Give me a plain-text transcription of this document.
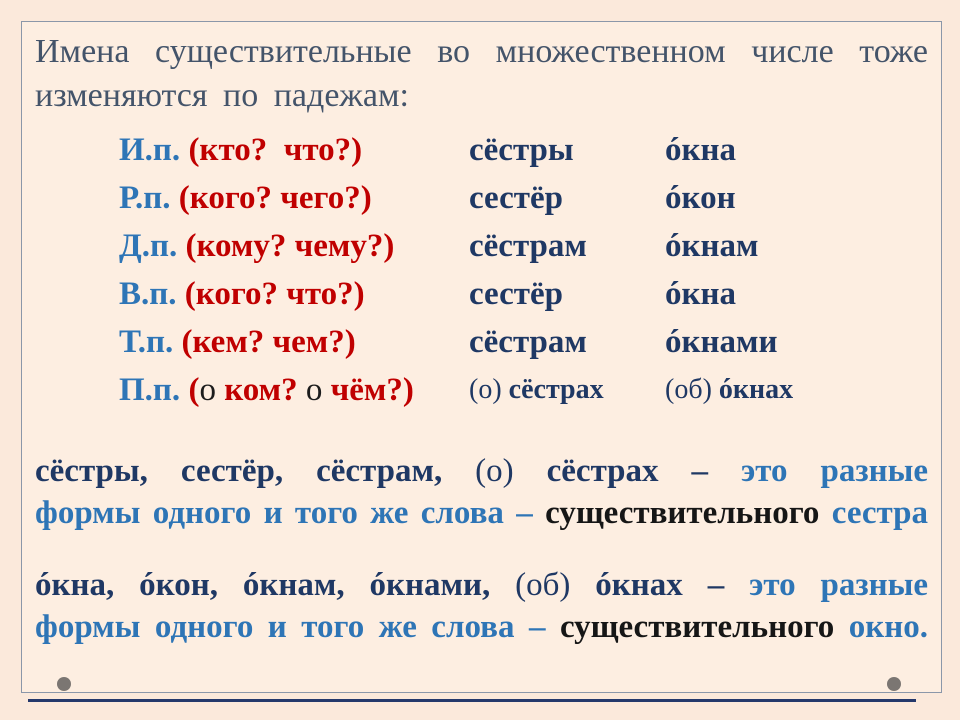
Имена существительные во множественном числе тоже
изменяются по падежам:
И.п. (кто?  что?)	сёстры	óкна
Р.п. (кого? чего?)	сестёр	óкон
Д.п. (кому? чему?)	сёстрам	óкнам
В.п. (кого? что?)	сестёр	óкна
Т.п. (кем? чем?)	сёстрам	óкнами
П.п. (о ком? о чём?)	(о) сёстрах	(об) óкнах
сёстры, сестёр, сёстрам, (о) сёстрах – это разные
формы одного и того же слова – существительного сестра
óкна, óкон, óкнам, óкнами, (об) óкнах – это разные
формы одного и того же слова – существительного окно.
